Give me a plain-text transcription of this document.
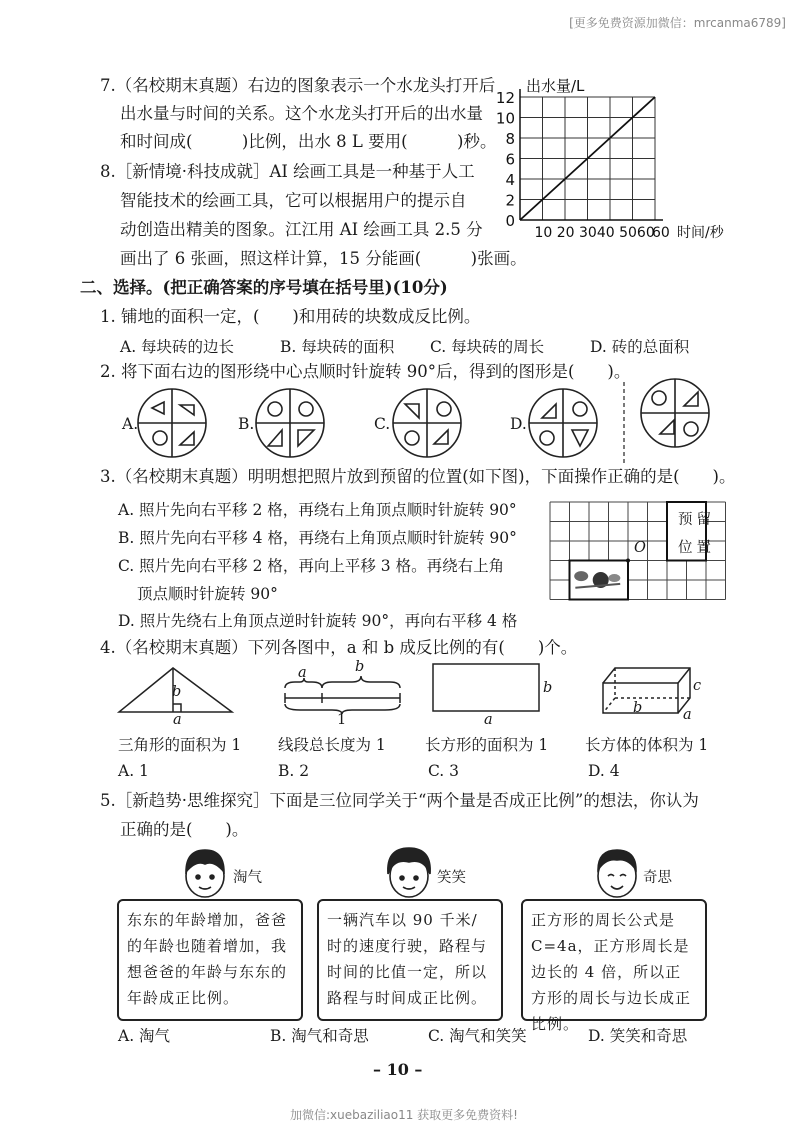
[更多免费资源加微信：mrcanma6789]
7.（名校期末真题）右边的图象表示一个水龙头打开后
出水量与时间的关系。这个水龙头打开后的出水量
和时间成(　　　)比例，出水 8 L 要用(　　　)秒。
8.［新情境·科技成就］AI 绘画工具是一种基于人工
智能技术的绘画工具，它可以根据用户的提示自
动创造出精美的图象。江江用 AI 绘画工具 2.5 分
画出了 6 张画，照这样计算，15 分能画(　　　)张画。
0
2
4
6
8
10
12
10 20 3040 5060
60
出水量/L
时间/秒
二、选择。(把正确答案的序号填在括号里)(10分)
1. 铺地的面积一定，(　　)和用砖的块数成反比例。
A. 每块砖的边长	B. 每块砖的面积 C. 每块砖的周长	D. 砖的总面积
2. 将下面右边的图形绕中心点顺时针旋转 90°后，得到的图形是(　　)。
A.	B.	C.	D.
3.（名校期末真题）明明想把照片放到预留的位置(如下图)，下面操作正确的是(　　)。
A. 照片先向右平移 2 格，再绕右上角顶点顺时针旋转 90°
B. 照片先向右平移 4 格，再绕右上角顶点顺时针旋转 90°
C. 照片先向右平移 2 格，再向上平移 3 格。再绕右上角
顶点顺时针旋转 90°
D. 照片先绕右上角顶点逆时针旋转 90°，再向右平移 4 格
预留
位置
O
4.（名校期末真题）下列各图中，a 和 b 成反比例的有(　　)个。
b
a
a	b
1
b
a
c
b	a
三角形的面积为 1 线段总长度为 1	长方形的面积为 1 长方体的体积为 1
A. 1	B. 2	C. 3	D. 4
5.［新趋势·思维探究］下面是三位同学关于“两个量是否成正比例”的想法，你认为
正确的是(　　)。
淘气	笑笑	奇思
东东的年龄增加，爸爸的年龄也随着增加，我想爸爸的年龄与东东的年龄成正比例。
一辆汽车以 90 千米/时的速度行驶，路程与时间的比值一定，所以路程与时间成正比例。
正方形的周长公式是 C=4a，正方形周长是边长的 4 倍，所以正方形的周长与边长成正比例。
A. 淘气	B. 淘气和奇思	C. 淘气和笑笑	D. 笑笑和奇思
– 10 –
加微信:xuebaziliao11 获取更多免费资料!
